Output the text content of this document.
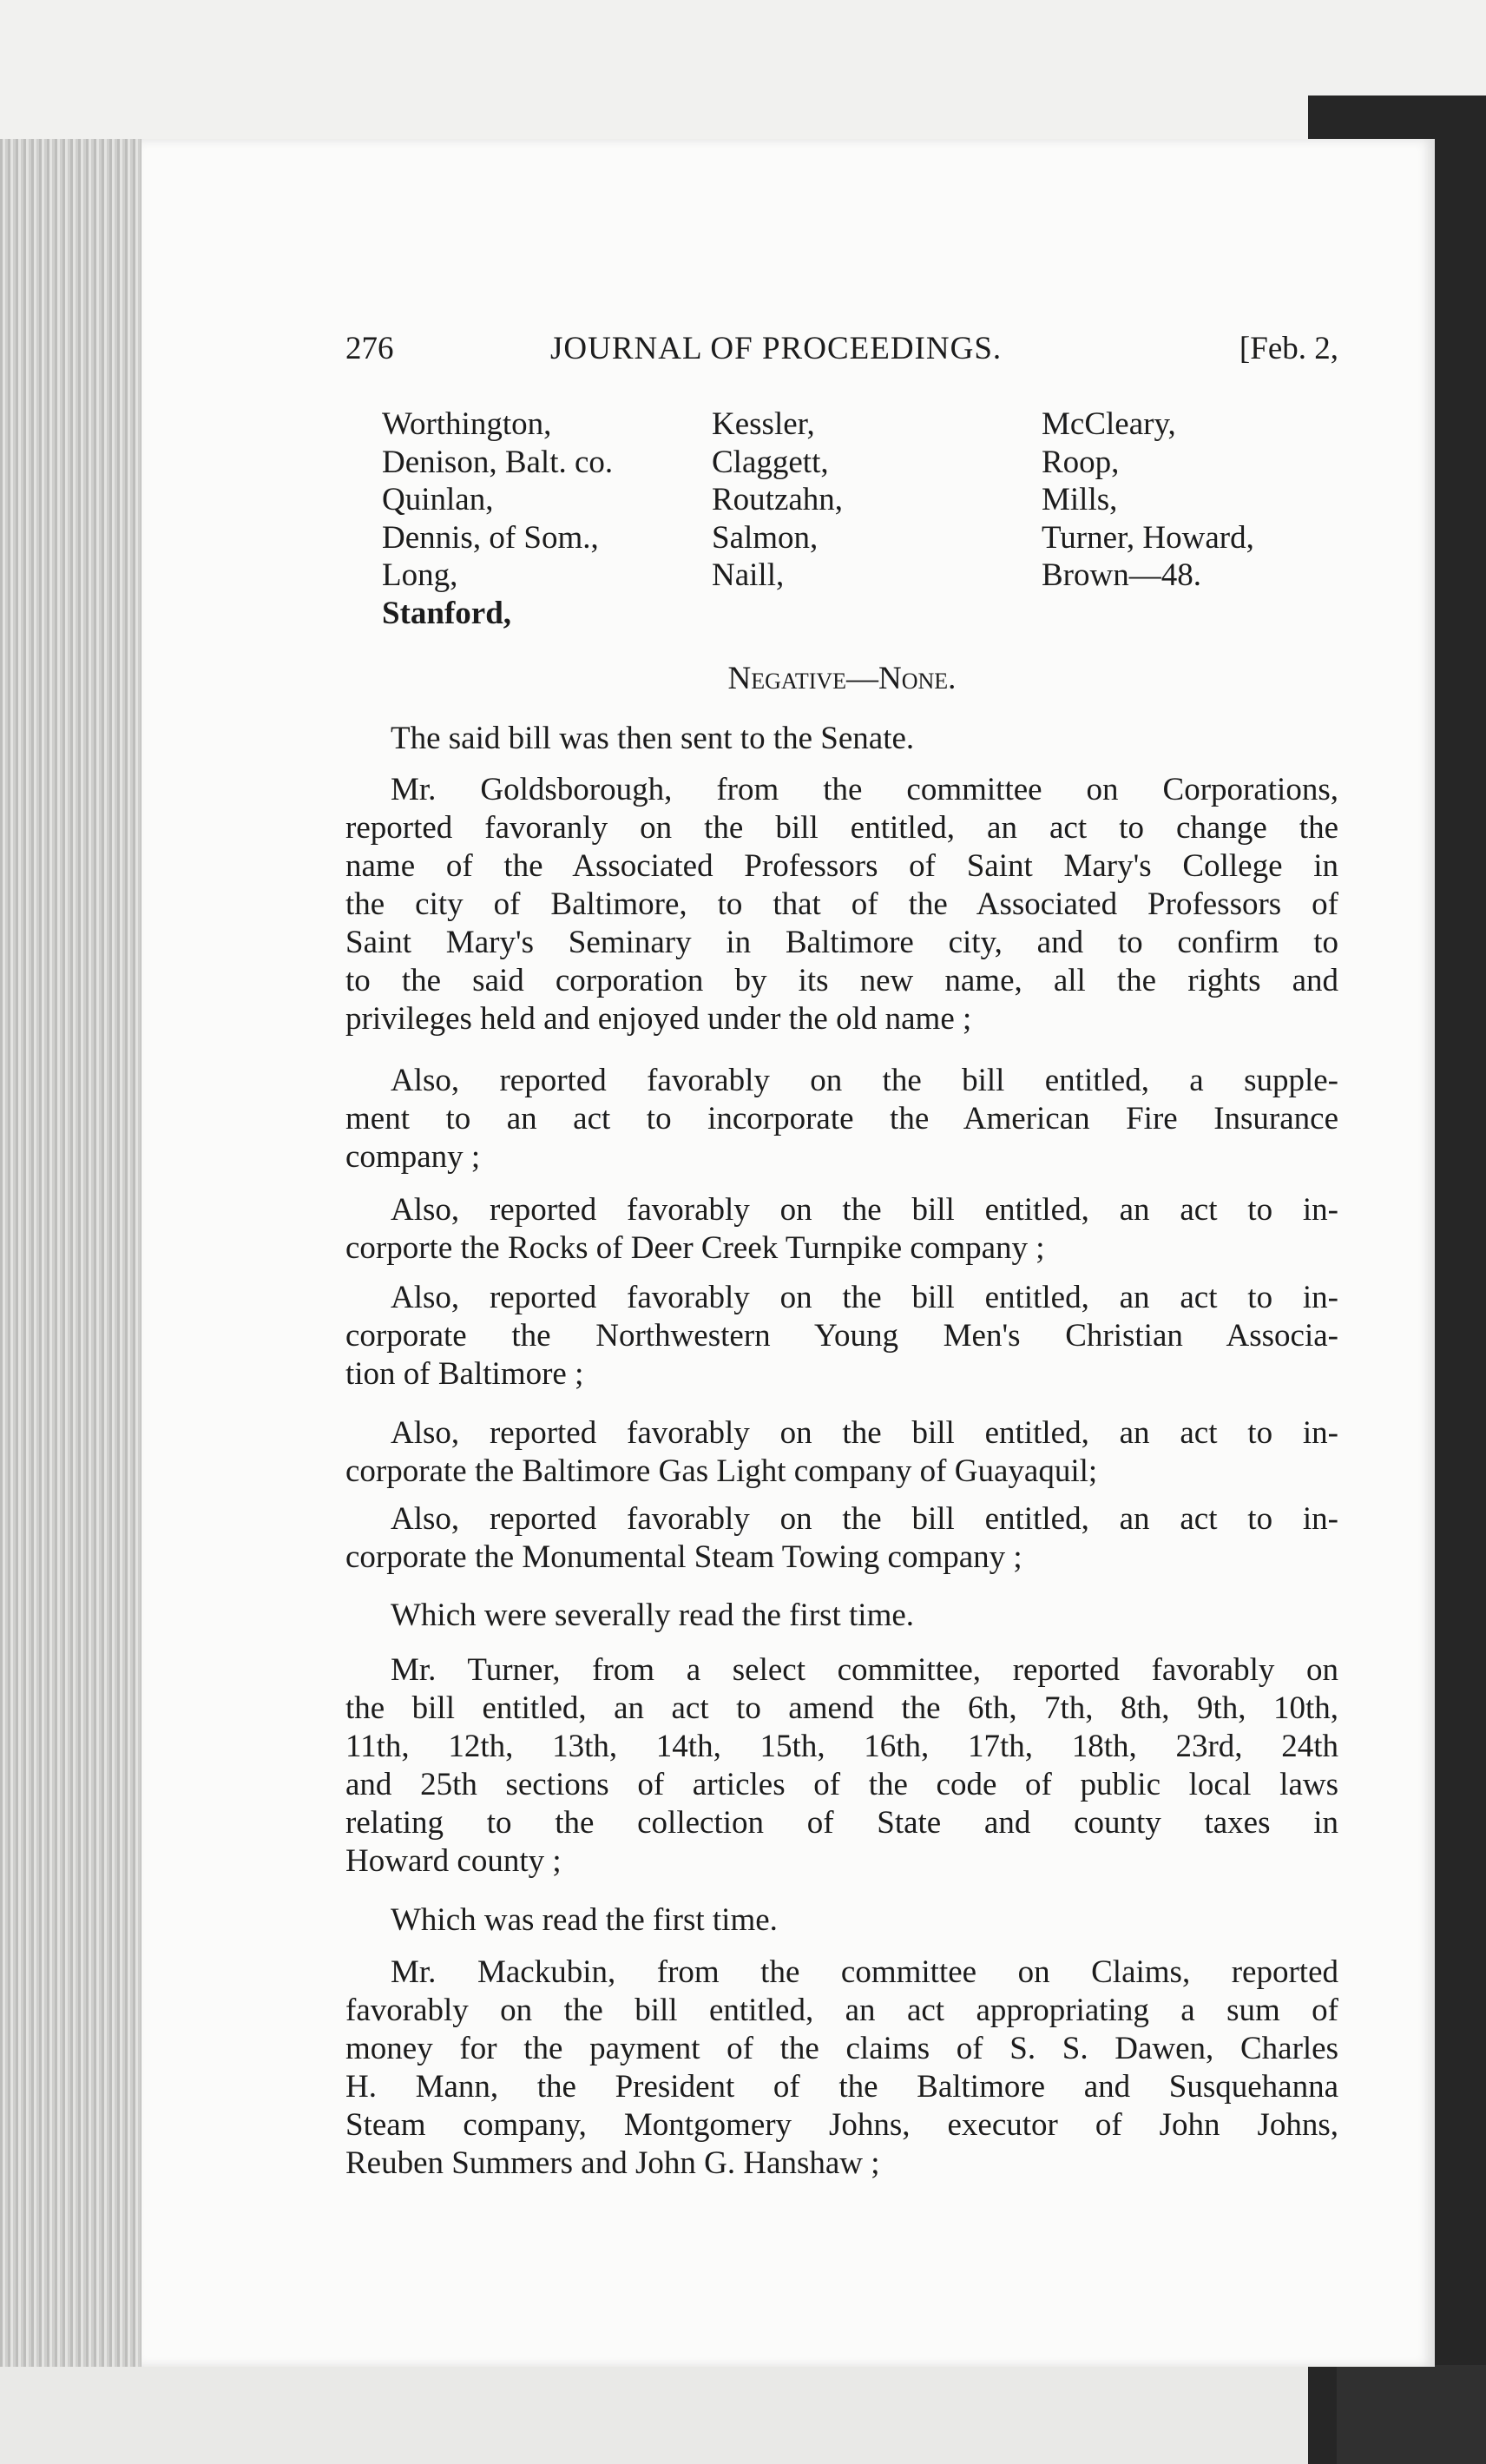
276	JOURNAL OF PROCEEDINGS.	[Feb. 2,
Worthington,
Denison, Balt. co.
Quinlan,
Dennis, of Som.,
Long,
Stanford,
Kessler,
Claggett,
Routzahn,
Salmon,
Naill,
McCleary,
Roop,
Mills,
Turner, Howard,
Brown—48.
Negative—None.
The said bill was then sent to the Senate.
Mr. Goldsborough, from the committee on Corporations,
reported favoranly on the bill entitled, an act to change the
name of the Associated Professors of Saint Mary's College in
the city of Baltimore, to that of the Associated Professors of
Saint Mary's Seminary in Baltimore city, and to confirm to
to the said corporation by its new name, all the rights and
privileges held and enjoyed under the old name ;
Also, reported favorably on the bill entitled, a supple-
ment to an act to incorporate the American Fire Insurance
company ;
Also, reported favorably on the bill entitled, an act to in-
corporte the Rocks of Deer Creek Turnpike company ;
Also, reported favorably on the bill entitled, an act to in-
corporate the Northwestern Young Men's Christian Associa-
tion of Baltimore ;
Also, reported favorably on the bill entitled, an act to in-
corporate the Baltimore Gas Light company of Guayaquil;
Also, reported favorably on the bill entitled, an act to in-
corporate the Monumental Steam Towing company ;
Which were severally read the first time.
Mr. Turner, from a select committee, reported favorably on
the bill entitled, an act to amend the 6th, 7th, 8th, 9th, 10th,
11th, 12th, 13th, 14th, 15th, 16th, 17th, 18th, 23rd, 24th
and 25th sections of articles of the code of public local laws
relating to the collection of State and county taxes in
Howard county ;
Which was read the first time.
Mr. Mackubin, from the committee on Claims, reported
favorably on the bill entitled, an act appropriating a sum of
money for the payment of the claims of S. S. Dawen, Charles
H. Mann, the President of the Baltimore and Susquehanna
Steam company, Montgomery Johns, executor of John Johns,
Reuben Summers and John G. Hanshaw ;
